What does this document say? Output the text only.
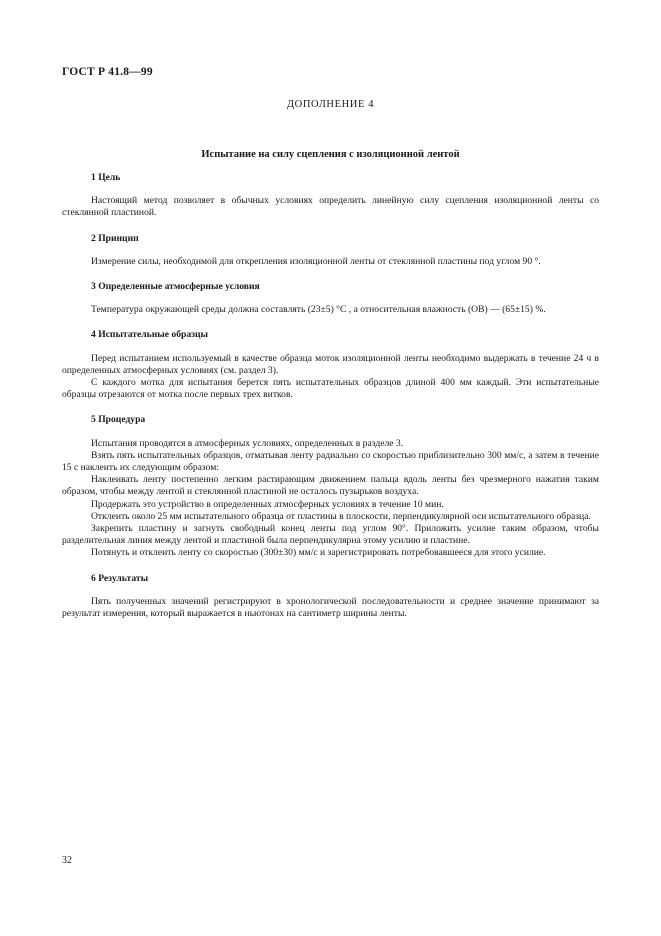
ГОСТ Р 41.8—99
ДОПОЛНЕНИЕ 4
Испытание на силу сцепления с изоляционной лентой

1 Цель

Настоящий метод позволяет в обычных условиях определить линейную силу сцепления изоляционной ленты со стеклянной пластиной.

2 Принцип

Измерение силы, необходимой для открепления изоляционной ленты от стеклянной пластины под углом 90 °.

3 Определенные атмосферные условия

Температура окружающей среды должна составлять (23±5) °C , а относительная влажность (ОВ) — (65±15) %.

4 Испытательные образцы

Перед испытанием используемый в качестве образца моток изоляционной ленты необходимо выдержать в течение 24 ч в определенных атмосферных условиях (см. раздел 3).

С каждого мотка для испытания берется пять испытательных образцов длиной 400 мм каждый. Эти испытательные образцы отрезаются от мотка после первых трех витков.

5 Процедура

Испытания проводятся в атмосферных условиях, определенных в разделе 3.

Взять пять испытательных образцов, отматывая ленту радиально со скоростью приблизительно 300 мм/с, а затем в течение 15 с наклеить их следующим образом:

Наклеивать ленту постепенно легким растирающим движением пальца вдоль ленты без чрезмерного нажатия таким образом, чтобы между лентой и стеклянной пластиной не осталось пузырьков воздуха.

Продержать это устройство в определенных атмосферных условиях в течение 10 мин.

Отклеить около 25 мм испытательного образца от пластины в плоскости, перпендикулярной оси испытательного образца.

Закрепить пластину и загнуть свободный конец ленты под углом 90°. Приложить усилие таким образом, чтобы разделительная линия между лентой и пластиной была перпендикулярна этому усилию и пластине.

Потянуть и отклеить ленту со скоростью (300±30) мм/с и зарегистрировать потребовавшееся для этого усилие.

6 Результаты

Пять полученных значений регистрируют в хронологической последовательности и среднее значение принимают за результат измерения, который выражается в ньютонах на сантиметр ширины ленты.

32
